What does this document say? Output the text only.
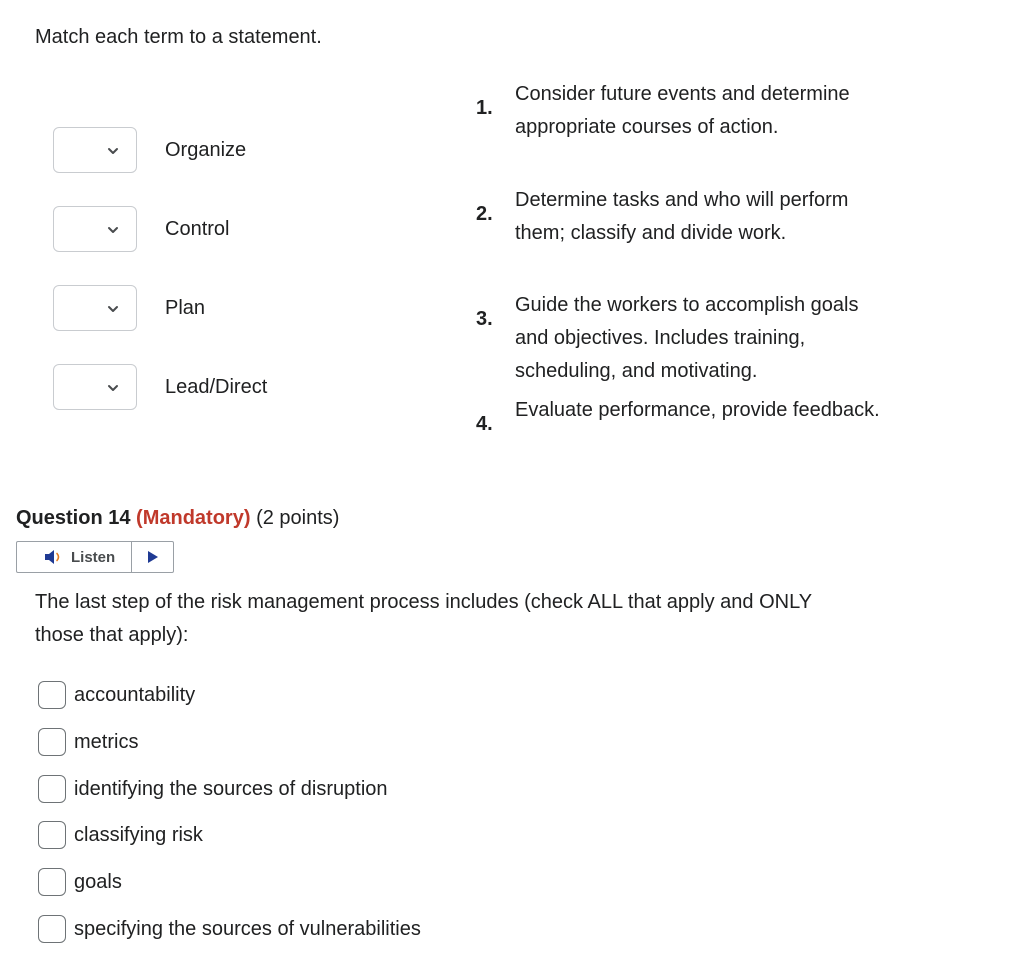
Match each term to a statement.
Organize
Control
Plan
Lead/Direct
1.
Consider future events and determine appropriate courses of action.
2.
Determine tasks and who will perform them; classify and divide work.
3.
Guide the workers to accomplish goals and objectives. Includes training, scheduling, and motivating.
4.
Evaluate performance, provide feedback.
Question 14 (Mandatory) (2 points)
Listen
The last step of the risk management process includes (check ALL that apply and ONLY those that apply):
accountability
metrics
identifying the sources of disruption
classifying risk
goals
specifying the sources of vulnerabilities
